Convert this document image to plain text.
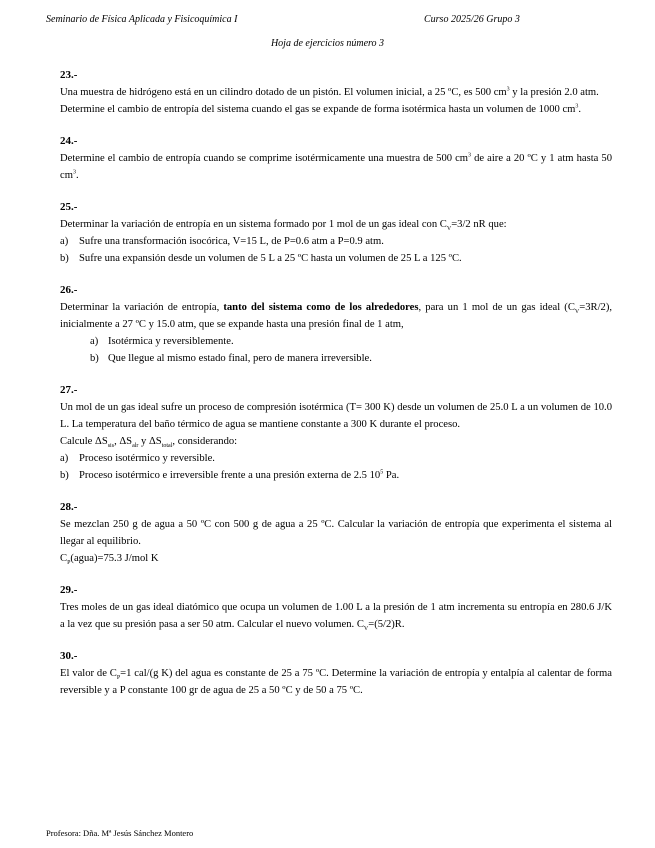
Seminario de Física Aplicada y Fisicoquímica I	Curso 2025/26 Grupo 3
Hoja de ejercicios número 3
23.-

Una muestra de hidrógeno está en un cilindro dotado de un pistón. El volumen inicial, a 25 ºC, es 500 $cm^3$ y la presión 2.0 atm.

Determine el cambio de entropía del sistema cuando el gas se expande de forma isotérmica hasta un volumen de 1000 $cm^3$.

24.-

Determine el cambio de entropía cuando se comprime isotérmicamente una muestra de 500 $cm^3$ de aire a 20 ºC y 1 atm hasta 50 $cm^3$.

25.-

Determinar la variación de entropía en un sistema formado por 1 mol de un gas ideal con $C_V=3/2$ nR que:

a)	Sufre una transformación isocórica, V=15 L, de P=0.6 atm a P=0.9 atm.
b) Sufre una expansión desde un volumen de 5 L a 25 ºC hasta un volumen de 25 L a 125 ºC.
26.-

Determinar la variación de entropía, tanto del sistema como de los alrededores, para un 1 mol de un gas ideal $(C_V=3R/2)$, inicialmente a 27 ºC y 15.0 atm, que se expande hasta una presión final de 1 atm,

a) Isotérmica y reversiblemente.
b) Que llegue al mismo estado final, pero de manera irreversible.
27.-

Un mol de un gas ideal sufre un proceso de compresión isotérmica (T= 300 K) desde un volumen de 25.0 L a un volumen de 10.0 L. La temperatura del baño térmico de agua se mantiene constante a 300 K durante el proceso.

Calcule $\Delta S_{sis}$, $\Delta S_{alr}$ y $\Delta S_{total}$, considerando:

a)	Proceso isotérmico y reversible.
b) Proceso isotérmico e irreversible frente a una presión externa de 2.5 $10^5$ Pa.
28.-

Se mezclan 250 g de agua a 50 ºC con 500 g de agua a 25 ºC. Calcular la variación de entropía que experimenta el sistema al llegar al equilibrio.

$C_P(agua)=75.3$ J/mol K

29.-

Tres moles de un gas ideal diatómico que ocupa un volumen de 1.00 L a la presión de 1 atm incrementa su entropía en 280.6 J/K a la vez que su presión pasa a ser 50 atm. Calcular el nuevo volumen. $C_V=(5/2)R$.

30.-

El valor de $C_P=1$ cal/(g K) del agua es constante de 25 a 75 ºC. Determine la variación de entropía y entalpía al calentar de forma reversible y a P constante 100 gr de agua de 25 a 50 ºC y de 50 a 75 ºC.

Profesora: Dña. Mª Jesús Sánchez Montero
